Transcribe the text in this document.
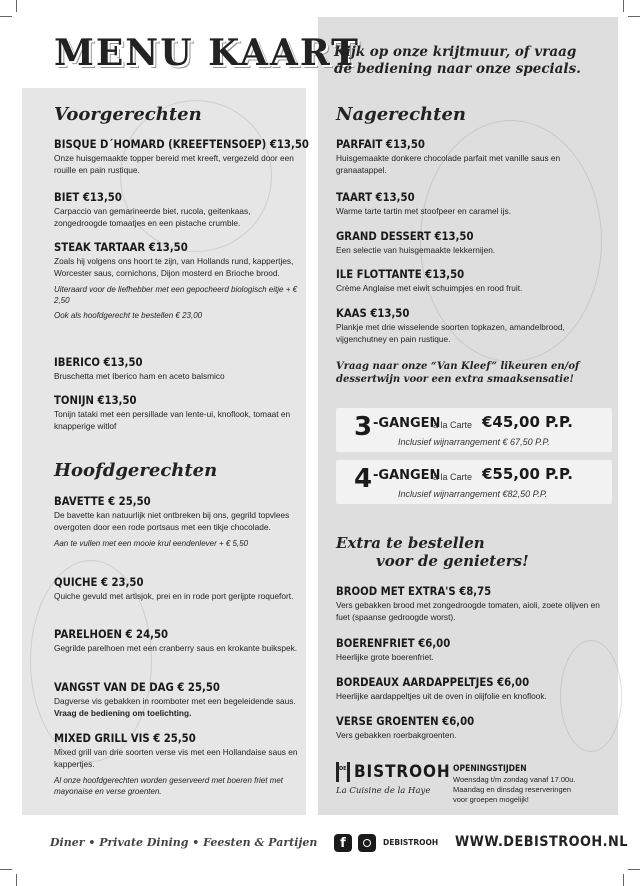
MENU KAART

Kijk op onze krijtmuur, of vraag de bediening naar onze specials.

Voorgerechten

BISQUE D´HOMARD (KREEFTENSOEP) €13,50

Onze huisgemaakte topper bereid met kreeft, vergezeld door een rouille en pain rustique.

BIET €13,50

Carpaccio van gemarineerde biet, rucola, geitenkaas, zongedroogde tomaatjes en een pistache crumble.

STEAK TARTAAR €13,50

Zoals hij volgens ons hoort te zijn, van Hollands rund, kappertjes, Worcester saus, cornichons, Dijon mosterd en Brioche brood.

Uiteraard voor de liefhebber met een gepocheerd biologisch eitje + € 2,50

Ook als hoofdgerecht te bestellen € 23,00

IBERICO €13,50

Bruschetta met Iberico ham en aceto balsmico

TONIJN €13,50

Tonijn tataki met een persillade van lente-ui, knoflook, tomaat en knapperige witlof

Hoofdgerechten

BAVETTE € 25,50

De bavette kan natuurlijk niet ontbreken bij ons, gegrild topvlees overgoten door een rode portsaus met een tikje chocolade.

Aan te vullen met een mooie krul eendenlever + € 5,50

QUICHE € 23,50

Quiche gevuld met artisjok, prei en in rode port gerijpte roquefort.

PARELHOEN € 24,50

Gegrilde parelhoen met een cranberry saus en krokante buikspek.

VANGST VAN DE DAG € 25,50

Dagverse vis gebakken in roomboter met een begeleidende saus. Vraag de bediening om toelichting.

MIXED GRILL VIS € 25,50

Mixed grill van drie soorten verse vis met een Hollandaise saus en kappertjes.

Al onze hoofdgerechten worden geserveerd met boeren friet met mayonaise en verse groenten.

Nagerechten

PARFAIT €13,50

Huisgemaakte donkere chocolade parfait met vanille saus en granaatappel.

TAART €13,50

Warme tarte tartin met stoofpeer en caramel ijs.

GRAND DESSERT €13,50

Een selectie van huisgemaakte lekkernijen.

ILE FLOTTANTE €13,50

Crème Anglaise met eiwit schuimpjes en rood fruit.

KAAS €13,50

Plankje met drie wisselende soorten topkazen, amandelbrood, vijgenchutney en pain rustique.

Vraag naar onze “Van Kleef” likeuren en/of dessertwijn voor een extra smaaksensatie!

3 -GANGEN
a la Carte €45,00 P.P.
Inclusief wijnarrangement € 67,50 P.P.
4 -GANGEN
a la Carte €55,00 P.P.
Inclusief wijnarrangement €82,50 P.P.

Extra te bestellen
voor de genieters!

BROOD MET EXTRA'S €8,75

Vers gebakken brood met zongedroogde tomaten, aioli, zoete olijven en fuet (spaanse gedroogde worst).

BOERENFRIET €6,00

Heerlijke grote boerenfriet.

BORDEAUX AARDAPPELTJES €6,00

Heerlijke aardappeltjes uit de oven in olijfolie en knoflook.

VERSE GROENTEN €6,00

Vers gebakken roerbakgroenten.

DE BISTROOH
La Cuisine de la Haye

OPENINGSTIJDEN

Woensdag t/m zondag vanaf 17.00u.

Maandag en dinsdag reserveringen

voor groepen mogelijk!

Diner • Private Dining • Feesten & Partijen	f	DEBISTROOH WWW.DEBISTROOH.NL
